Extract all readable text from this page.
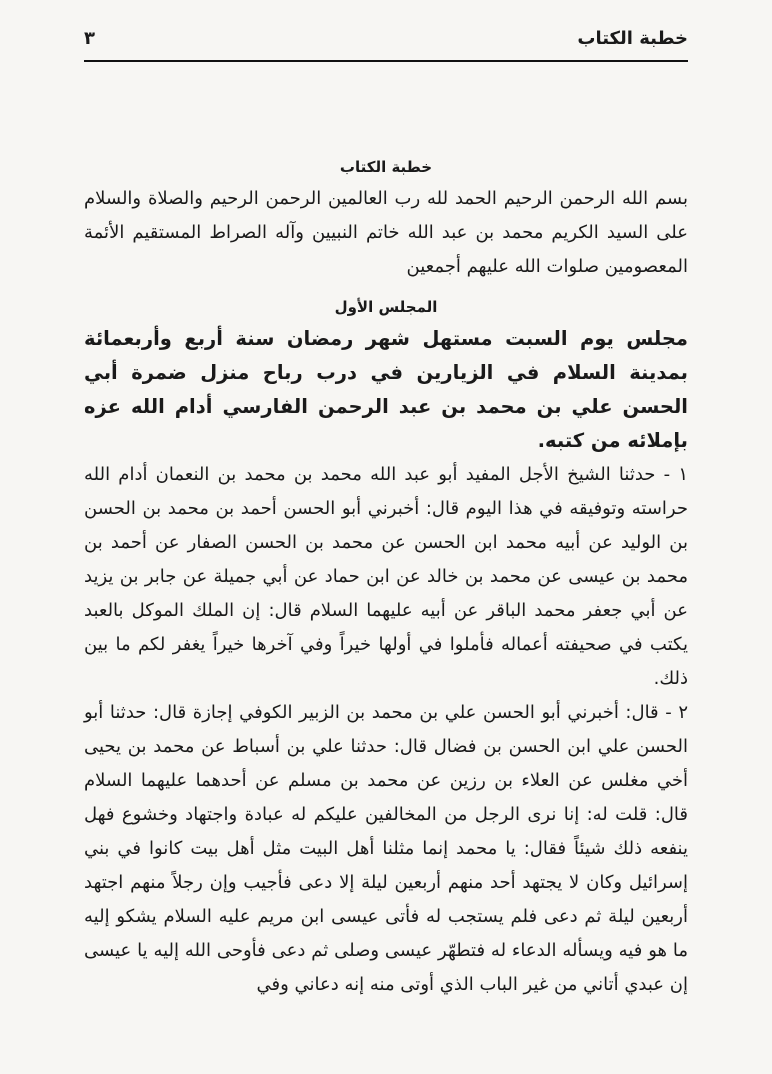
خطبة الكتاب
٣

خطبة الكتاب

بسم الله الرحمن الرحيم الحمد لله رب العالمين الرحمن الرحيم والصلاة والسلام على السيد الكريم محمد بن عبد الله خاتم النبيين وآله الصراط المستقيم الأئمة المعصومين صلوات الله عليهم أجمعين

المجلس الأول

مجلس يوم السبت مستهل شهر رمضان سنة أربع وأربعمائة بمدينة السلام في الزيارين في درب رباح منزل ضمرة أبي الحسن علي بن محمد بن عبد الرحمن الفارسي أدام الله عزه بإملائه من كتبه.

١ - حدثنا الشيخ الأجل المفيد أبو عبد الله محمد بن محمد بن النعمان أدام الله حراسته وتوفيقه في هذا اليوم قال: أخبرني أبو الحسن أحمد بن محمد بن الحسن بن الوليد عن أبيه محمد ابن الحسن عن محمد بن الحسن الصفار عن أحمد بن محمد بن عيسى عن محمد بن خالد عن ابن حماد عن أبي جميلة عن جابر بن يزيد عن أبي جعفر محمد الباقر عن أبيه عليهما السلام قال: إن الملك الموكل بالعبد يكتب في صحيفته أعماله فأملوا في أولها خيراً وفي آخرها خيراً يغفر لكم ما بين ذلك.

٢ - قال: أخبرني أبو الحسن علي بن محمد بن الزبير الكوفي إجازة قال: حدثنا أبو الحسن علي ابن الحسن بن فضال قال: حدثنا علي بن أسباط عن محمد بن يحيى أخي مغلس عن العلاء بن رزين عن محمد بن مسلم عن أحدهما عليهما السلام قال: قلت له: إنا نرى الرجل من المخالفين عليكم له عبادة واجتهاد وخشوع فهل ينفعه ذلك شيئاً فقال: يا محمد إنما مثلنا أهل البيت مثل أهل بيت كانوا في بني إسرائيل وكان لا يجتهد أحد منهم أربعين ليلة إلا دعى فأجيب وإن رجلاً منهم اجتهد أربعين ليلة ثم دعى فلم يستجب له فأتى عيسى ابن مريم عليه السلام يشكو إليه ما هو فيه ويسأله الدعاء له فتطهّر عيسى وصلى ثم دعى فأوحى الله إليه يا عيسى إن عبدي أتاني من غير الباب الذي أوتى منه إنه دعاني وفي
